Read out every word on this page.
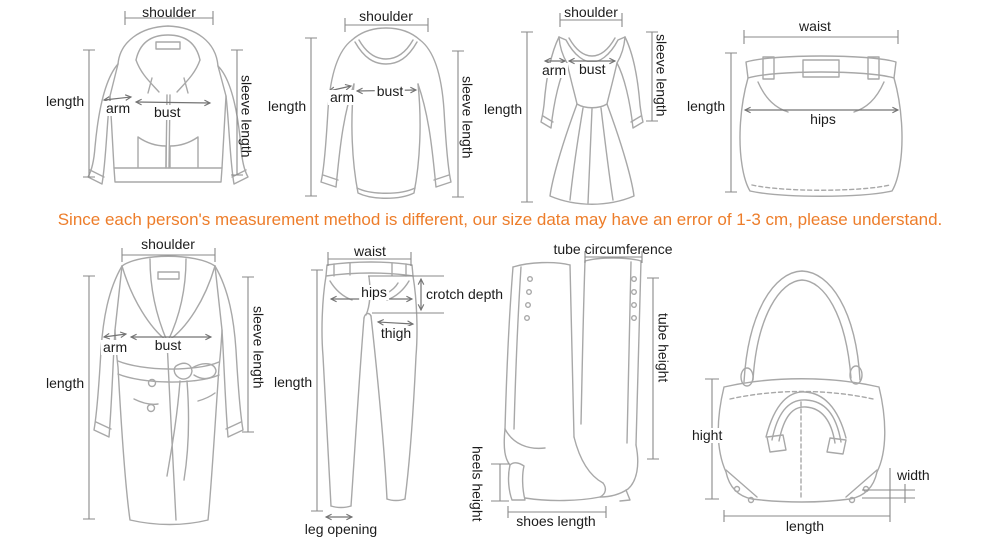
shoulder
length arm bust	sleeve length
shoulder
length
arm bust	sleeve length
shoulder
arm bust
length	sleeve length
waist
length
hips
Since each person's measurement method is different, our size data may have an error of 1-3 cm, please understand.
shoulder
arm bust
length	sleeve length
waist
hips	crotch depth
thigh
length
leg opening
tube circumference
tube height
heels height shoes length
hight
width
length
